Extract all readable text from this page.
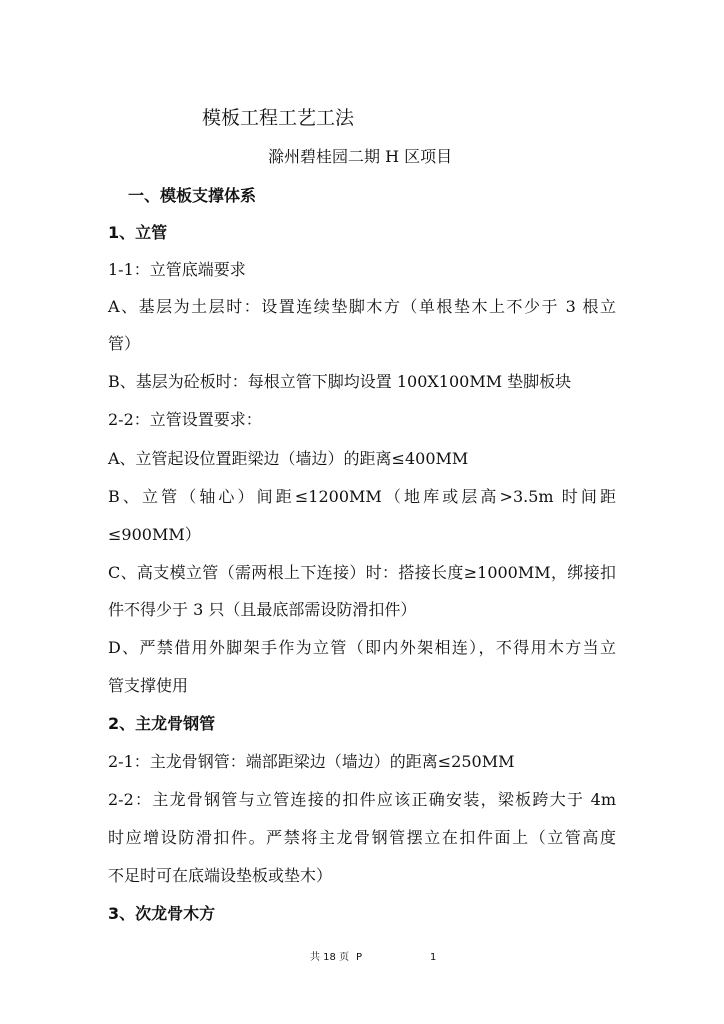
模板工程工艺工法
滁州碧桂园二期 H 区项目
一、模板支撑体系
1、立管
1-1：立管底端要求
A、基层为土层时：设置连续垫脚木方（单根垫木上不少于 3 根立
管）
B、基层为砼板时：每根立管下脚均设置 100X100MM 垫脚板块
2-2：立管设置要求：
A、立管起设位置距梁边（墙边）的距离≤400MM
B、立管（轴心）间距≤1200MM（地库或层高>3.5m 时间距
≤900MM）
C、高支模立管（需两根上下连接）时：搭接长度≥1000MM，绑接扣
件不得少于 3 只（且最底部需设防滑扣件）
D、严禁借用外脚架手作为立管（即内外架相连），不得用木方当立
管支撑使用
2、主龙骨钢管
2-1：主龙骨钢管：端部距梁边（墙边）的距离≤250MM
2-2：主龙骨钢管与立管连接的扣件应该正确安装，梁板跨大于 4m
时应增设防滑扣件。严禁将主龙骨钢管摆立在扣件面上（立管高度
不足时可在底端设垫板或垫木）
3、次龙骨木方
共 18 页 P	1
